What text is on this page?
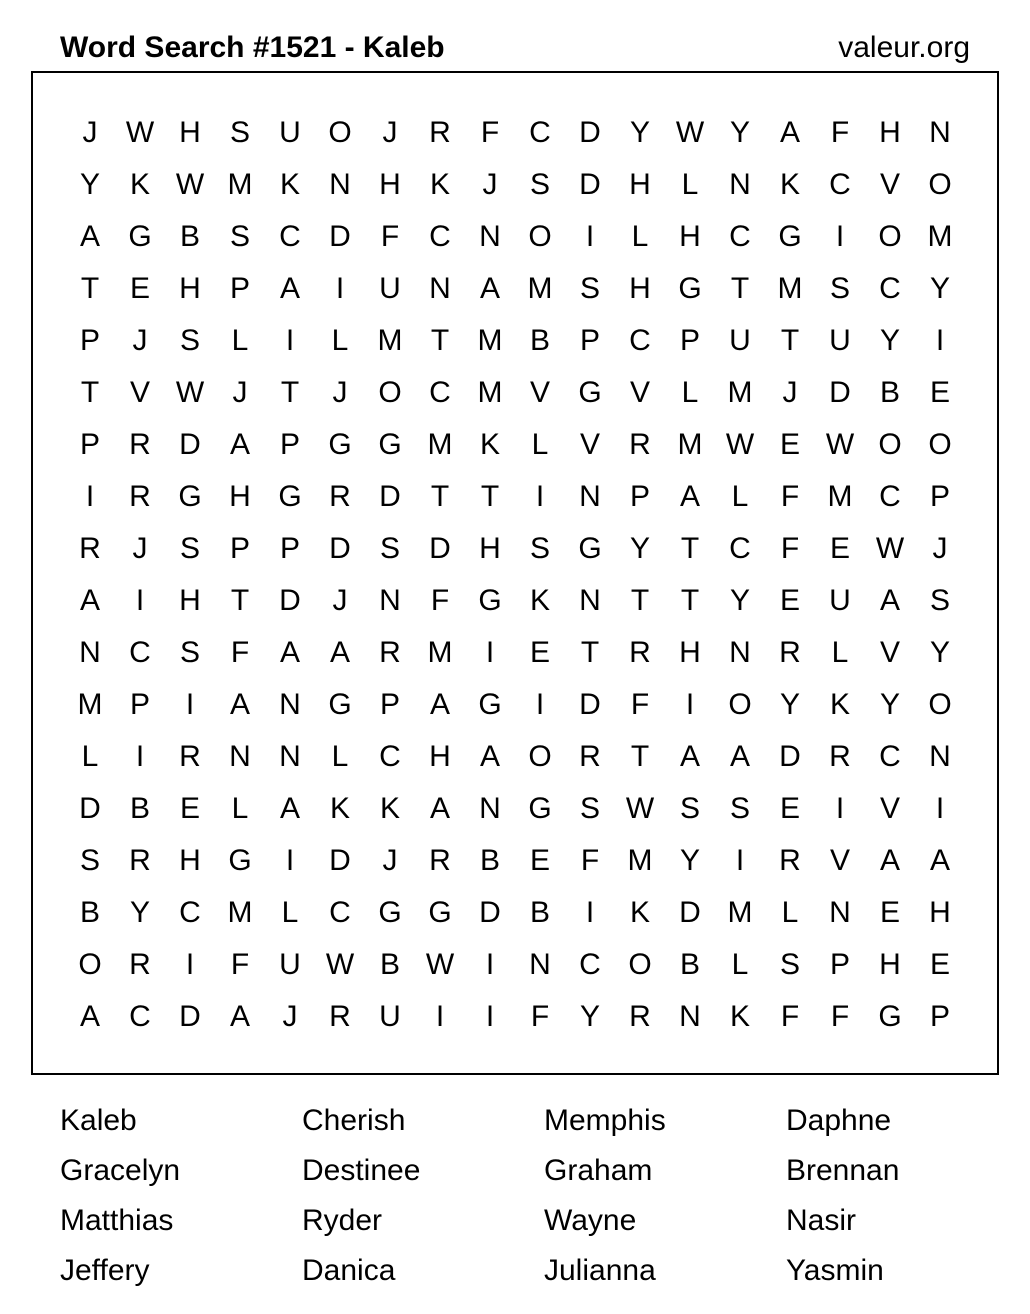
Word Search #1521 - Kaleb	valeur.org
J W H S U O	J	R	F	C D Y W Y A	F	H N
Y K W M K N H K	J	S D H	L	N K C V O
A G B S C D	F	C N O	I	L	H C G	I	O M
T	E H P A	I	U N A M S H G T M S C Y
P	J	S	L	I	L M T M B P C P U	T	U Y	I
T	V W J	T	J	O C M V G V	L M	J	D B E
P R D A P G G M K	L	V R M W E W O O
I	R G H G R D	T	T	I	N P A	L	F M C P
R	J	S P P D S D H S G Y	T	C	F	E W J
A	I	H	T	D	J	N	F G K N	T	T	Y E U A S
N C S	F	A A R M	I	E	T	R H N R	L	V Y
M P	I	A N G P A G	I	D	F	I	O Y K Y O
L	I	R N N	L	C H A O R	T	A A D R C N
D B E	L	A K K A N G S W S S E	I	V	I
S R H G	I	D	J	R B E	F M Y	I	R V A A
B Y C M L	C G G D B	I	K D M L	N E H
O R	I	F	U W B W	I	N C O B	L	S P H E
A C D A	J	R U	I	I	F	Y R N K	F	F G P
Kaleb	Cherish	Memphis	Daphne
Gracelyn	Destinee	Graham	Brennan
Matthias	Ryder	Wayne	Nasir
Jeffery	Danica	Julianna	Yasmin
